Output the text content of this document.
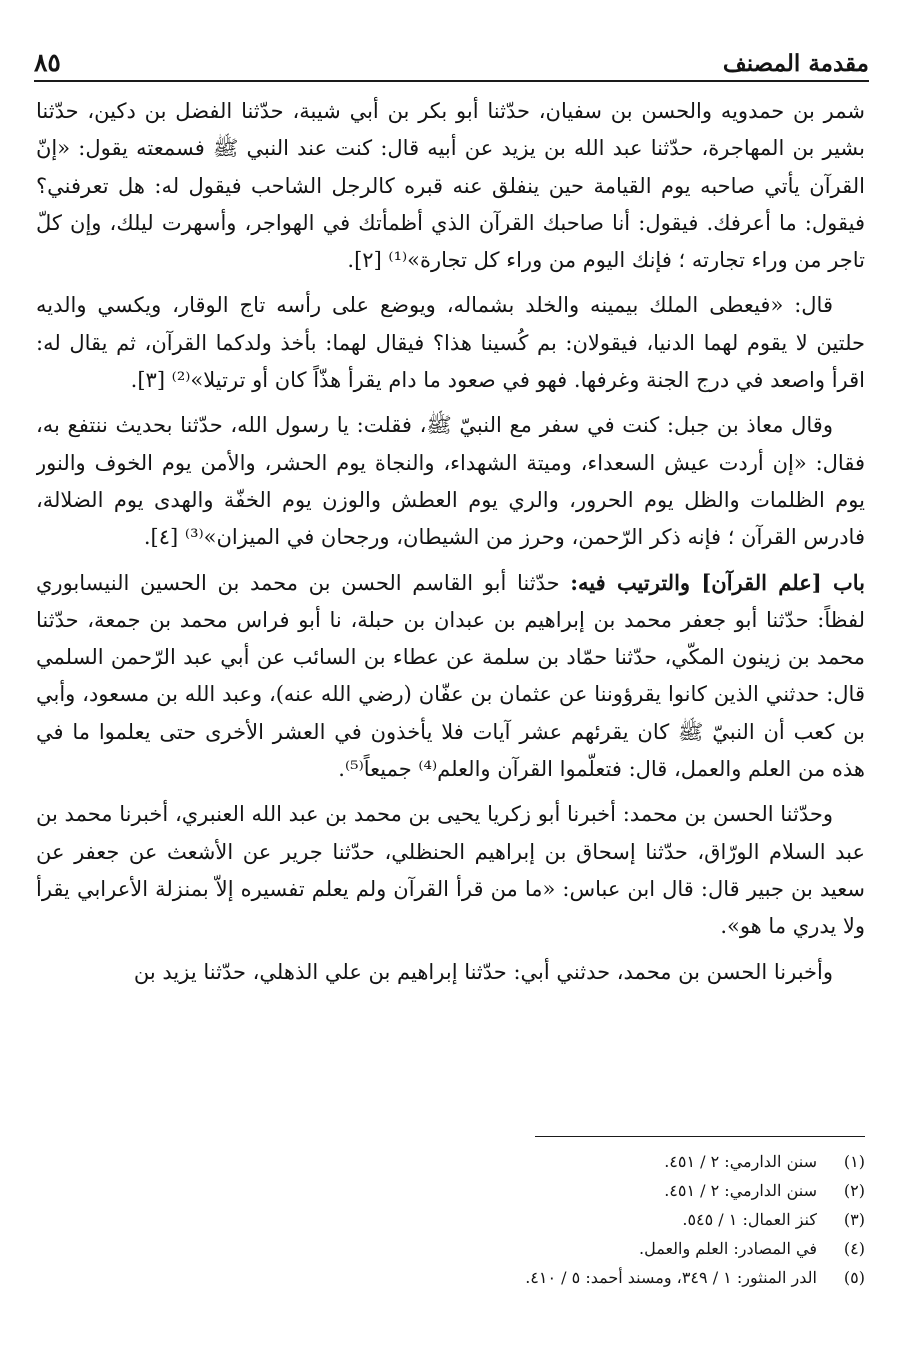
مقدمة المصنف
٨٥

شمر بن حمدويه والحسن بن سفيان، حدّثنا أبو بكر بن أبي شيبة، حدّثنا الفضل بن دكين، حدّثنا بشير بن المهاجرة، حدّثنا عبد الله بن يزيد عن أبيه قال: كنت عند النبي ﷺ فسمعته يقول: «إنّ القرآن يأتي صاحبه يوم القيامة حين ينفلق عنه قبره كالرجل الشاحب فيقول له: هل تعرفني؟ فيقول: ما أعرفك. فيقول: أنا صاحبك القرآن الذي أظمأتك في الهواجر، وأسهرت ليلك، وإن كلّ تاجر من وراء تجارته ؛ فإنك اليوم من وراء كل تجارة»⁽¹⁾ [٢].

قال: «فيعطى الملك بيمينه والخلد بشماله، ويوضع على رأسه تاج الوقار، ويكسي والديه حلتين لا يقوم لهما الدنيا، فيقولان: بم كُسينا هذا؟ فيقال لهما: بأخذ ولدكما القرآن، ثم يقال له: اقرأ واصعد في درج الجنة وغرفها. فهو في صعود ما دام يقرأ هذّاً كان أو ترتيلا»⁽²⁾ [٣].

وقال معاذ بن جبل: كنت في سفر مع النبيّ ﷺ، فقلت: يا رسول الله، حدّثنا بحديث ننتفع به، فقال: «إن أردت عيش السعداء، وميتة الشهداء، والنجاة يوم الحشر، والأمن يوم الخوف والنور يوم الظلمات والظل يوم الحرور، والري يوم العطش والوزن يوم الخفّة والهدى يوم الضلالة، فادرس القرآن ؛ فإنه ذكر الرّحمن، وحرز من الشيطان، ورجحان في الميزان»⁽³⁾ [٤].

باب [علم القرآن] والترتيب فيه: حدّثنا أبو القاسم الحسن بن محمد بن الحسين النيسابوري لفظاً: حدّثنا أبو جعفر محمد بن إبراهيم بن عبدان بن حبلة، نا أبو فراس محمد بن جمعة، حدّثنا محمد بن زينون المكّي، حدّثنا حمّاد بن سلمة عن عطاء بن السائب عن أبي عبد الرّحمن السلمي قال: حدثني الذين كانوا يقرؤوننا عن عثمان بن عفّان (رضي الله عنه)، وعبد الله بن مسعود، وأبي بن كعب أن النبيّ ﷺ كان يقرئهم عشر آيات فلا يأخذون في العشر الأخرى حتى يعلموا ما في هذه من العلم والعمل، قال: فتعلّموا القرآن والعلم⁽⁴⁾ جميعاً⁽⁵⁾.

وحدّثنا الحسن بن محمد: أخبرنا أبو زكريا يحيى بن محمد بن عبد الله العنبري، أخبرنا محمد بن عبد السلام الورّاق، حدّثنا إسحاق بن إبراهيم الحنظلي، حدّثنا جرير عن الأشعث عن جعفر عن سعيد بن جبير قال: قال ابن عباس: «ما من قرأ القرآن ولم يعلم تفسيره إلاّ بمنزلة الأعرابي يقرأ ولا يدري ما هو».

وأخبرنا الحسن بن محمد، حدثني أبي: حدّثنا إبراهيم بن علي الذهلي، حدّثنا يزيد بن

(١)
سنن الدارمي: ٢ / ٤٥١.

(٢)
سنن الدارمي: ٢ / ٤٥١.

(٣)
كنز العمال: ١ / ٥٤٥.

(٤)
في المصادر: العلم والعمل.

(٥)
الدر المنثور: ١ / ٣٤٩، ومسند أحمد: ٥ / ٤١٠.
